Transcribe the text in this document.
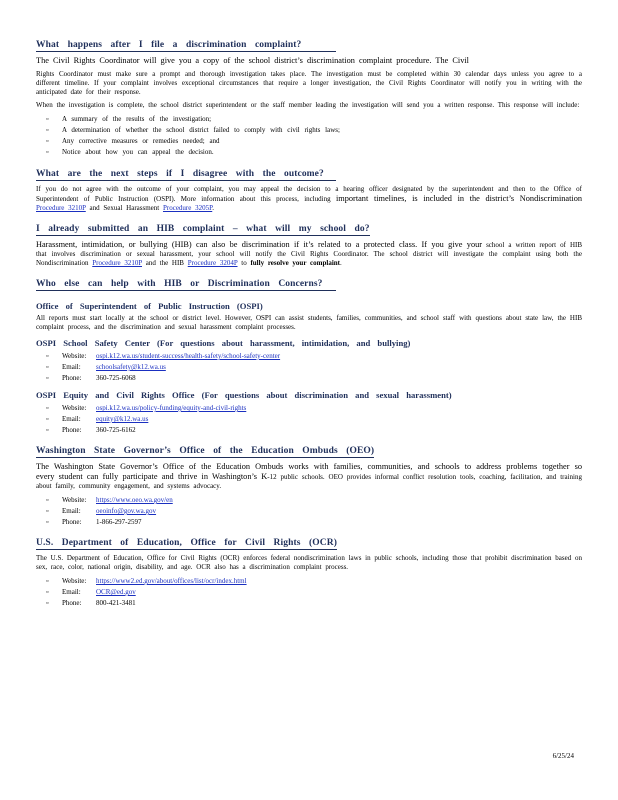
What happens after I file a discrimination complaint?

The Civil Rights Coordinator will give you a copy of the school district’s discrimination complaint procedure. The Civil

Rights Coordinator must make sure a prompt and thorough investigation takes place. The investigation must be completed within 30 calendar days unless you agree to a different timeline. If your complaint involves exceptional circumstances that require a longer investigation, the Civil Rights Coordinator will notify you in writing with the anticipated date for their response.

When the investigation is complete, the school district superintendent or the staff member leading the investigation will send you a written response. This response will include:

▫ A summary of the results of the investigation;
▫ A determination of whether the school district failed to comply with civil rights laws;
▫ Any corrective measures or remedies needed; and
▫ Notice about how you can appeal the decision.
What are the next steps if I disagree with the outcome?

If you do not agree with the outcome of your complaint, you may appeal the decision to a hearing officer designated by the superintendent and then to the Office of Superintendent of Public Instruction (OSPI). More information about this process, including important timelines, is included in the district’s Nondiscrimination Procedure 3210P and Sexual Harassment Procedure 3205P.

I already submitted an HIB complaint – what will my school do?

Harassment, intimidation, or bullying (HIB) can also be discrimination if it’s related to a protected class. If you give your school a written report of HIB that involves discrimination or sexual harassment, your school will notify the Civil Rights Coordinator. The school district will investigate the complaint using both the Nondiscrimination Procedure 3210P and the HIB Procedure 3204P to fully resolve your complaint.

Who else can help with HIB or Discrimination Concerns?
Office of Superintendent of Public Instruction (OSPI)

All reports must start locally at the school or district level. However, OSPI can assist students, families, communities, and school staff with questions about state law, the HIB complaint process, and the discrimination and sexual harassment complaint processes.

OSPI School Safety Center (For questions about harassment, intimidation, and bullying)
▫ Website: ospi.k12.wa.us/student-success/health-safety/school-safety-center
▫ Email: schoolsafety@k12.wa.us
▫ Phone: 360-725-6068
OSPI Equity and Civil Rights Office (For questions about discrimination and sexual harassment)
▫ Website: ospi.k12.wa.us/policy-funding/equity-and-civil-rights
▫ Email: equity@k12.wa.us
▫ Phone: 360-725-6162
Washington State Governor’s Office of the Education Ombuds (OEO)

The Washington State Governor’s Office of the Education Ombuds works with families, communities, and schools to address problems together so every student can fully participate and thrive in Washington’s K-12 public schools. OEO provides informal conflict resolution tools, coaching, facilitation, and training about family, community engagement, and systems advocacy.

▫ Website: https://www.oeo.wa.gov/en
▫ Email: oeoinfo@gov.wa.gov
▫ Phone: 1-866-297-2597
U.S. Department of Education, Office for Civil Rights (OCR)

The U.S. Department of Education, Office for Civil Rights (OCR) enforces federal nondiscrimination laws in public schools, including those that prohibit discrimination based on sex, race, color, national origin, disability, and age. OCR also has a discrimination complaint process.

▫ Website: https://www2.ed.gov/about/offices/list/ocr/index.html
▫ Email: OCR@ed.gov
▫ Phone: 800-421-3481
6/25/24
